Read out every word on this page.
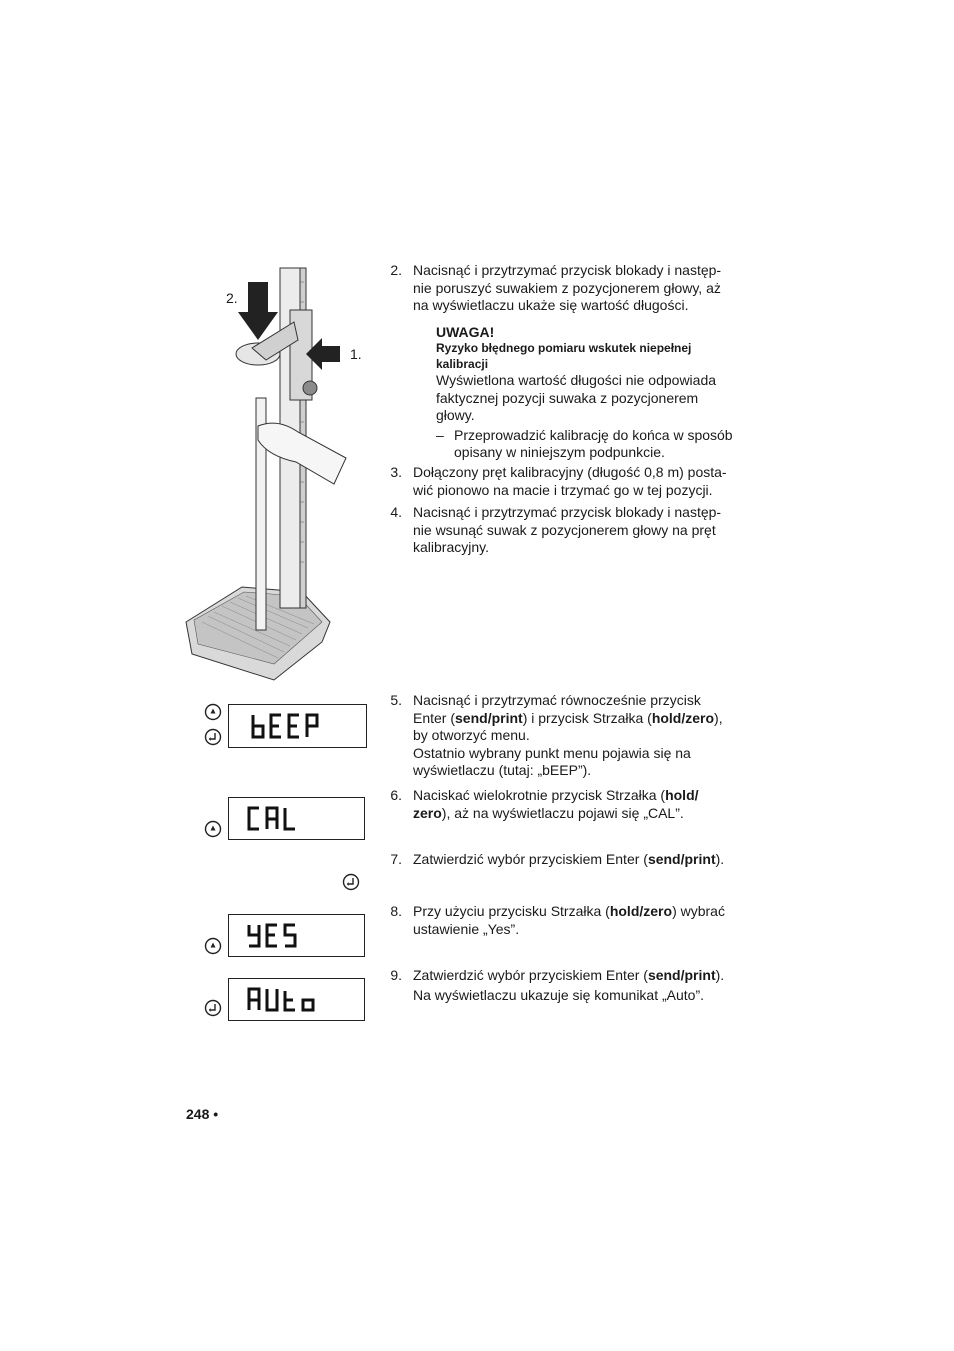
2.
1.
2. Nacisnąć i przytrzymać przycisk blokady i następ-
nie poruszyć suwakiem z pozycjonerem głowy, aż
na wyświetlaczu ukaże się wartość długości.
UWAGA!
Ryzyko błędnego pomiaru wskutek niepełnej
kalibracji
Wyświetlona wartość długości nie odpowiada
faktycznej pozycji suwaka z pozycjonerem
głowy.
– Przeprowadzić kalibrację do końca w sposób
opisany w niniejszym podpunkcie.
3. Dołączony pręt kalibracyjny (długość 0,8 m) posta-
wić pionowo na macie i trzymać go w tej pozycji.
4. Nacisnąć i przytrzymać przycisk blokady i następ-
nie wsunąć suwak z pozycjonerem głowy na pręt
kalibracyjny.
5. Nacisnąć i przytrzymać równocześnie przycisk
Enter (send/print) i przycisk Strzałka (hold/zero),
by otworzyć menu.
Ostatnio wybrany punkt menu pojawia się na
wyświetlaczu (tutaj: „bEEP”).
6. Naciskać wielokrotnie przycisk Strzałka (hold/
zero), aż na wyświetlaczu pojawi się „CAL”.
7. Zatwierdzić wybór przyciskiem Enter (send/print).
8. Przy użyciu przycisku Strzałka (hold/zero) wybrać
ustawienie „Yes”.
9. Zatwierdzić wybór przyciskiem Enter (send/print).
Na wyświetlaczu ukazuje się komunikat „Auto”.
248 •
